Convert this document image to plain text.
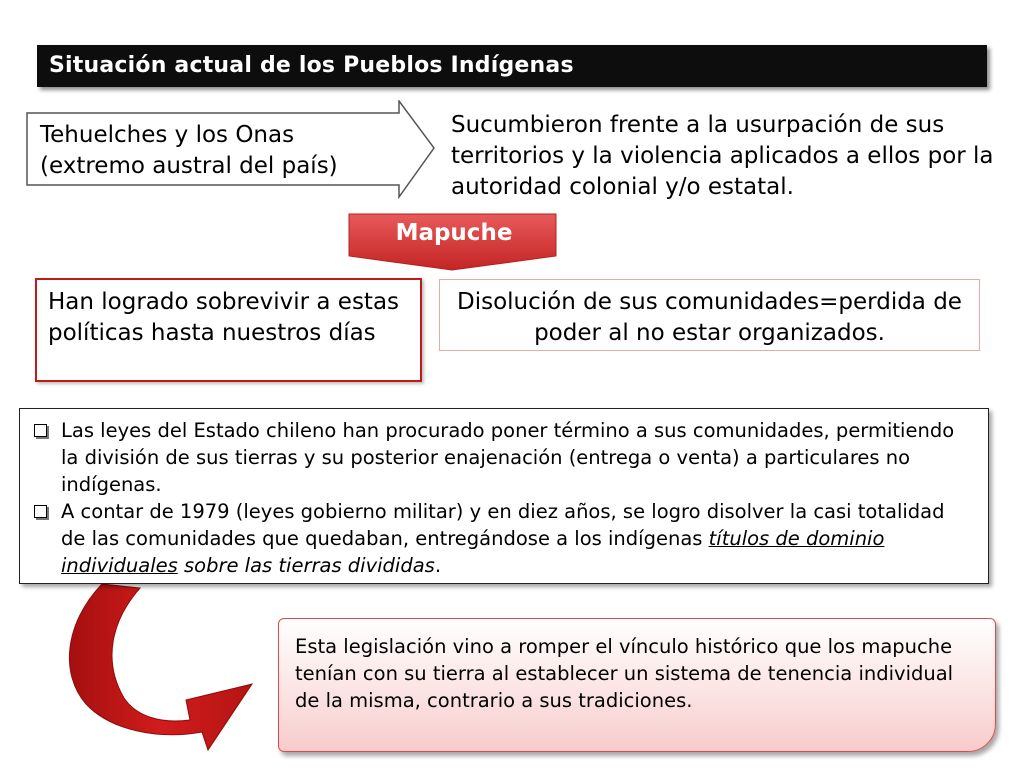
Situación actual de los Pueblos Indígenas
Tehuelches y los Onas
(extremo austral del país)
Sucumbieron frente a la usurpación de sus territorios y la violencia aplicados a ellos por la autoridad colonial y/o estatal.
Mapuche
Han logrado sobrevivir a estas políticas hasta nuestros días
Disolución de sus comunidades=perdida de poder al no estar organizados.
Las leyes del Estado chileno han procurado poner término a sus comunidades, permitiendo la división de sus tierras y su posterior enajenación (entrega o venta) a particulares no indígenas.
A contar de 1979 (leyes gobierno militar) y en diez años, se logro disolver la casi totalidad de las comunidades que quedaban, entregándose a los indígenas títulos de dominio individuales sobre las tierras divididas.
Esta legislación vino a romper el vínculo histórico que los mapuche tenían con su tierra al establecer un sistema de tenencia individual de la misma, contrario a sus tradiciones.
